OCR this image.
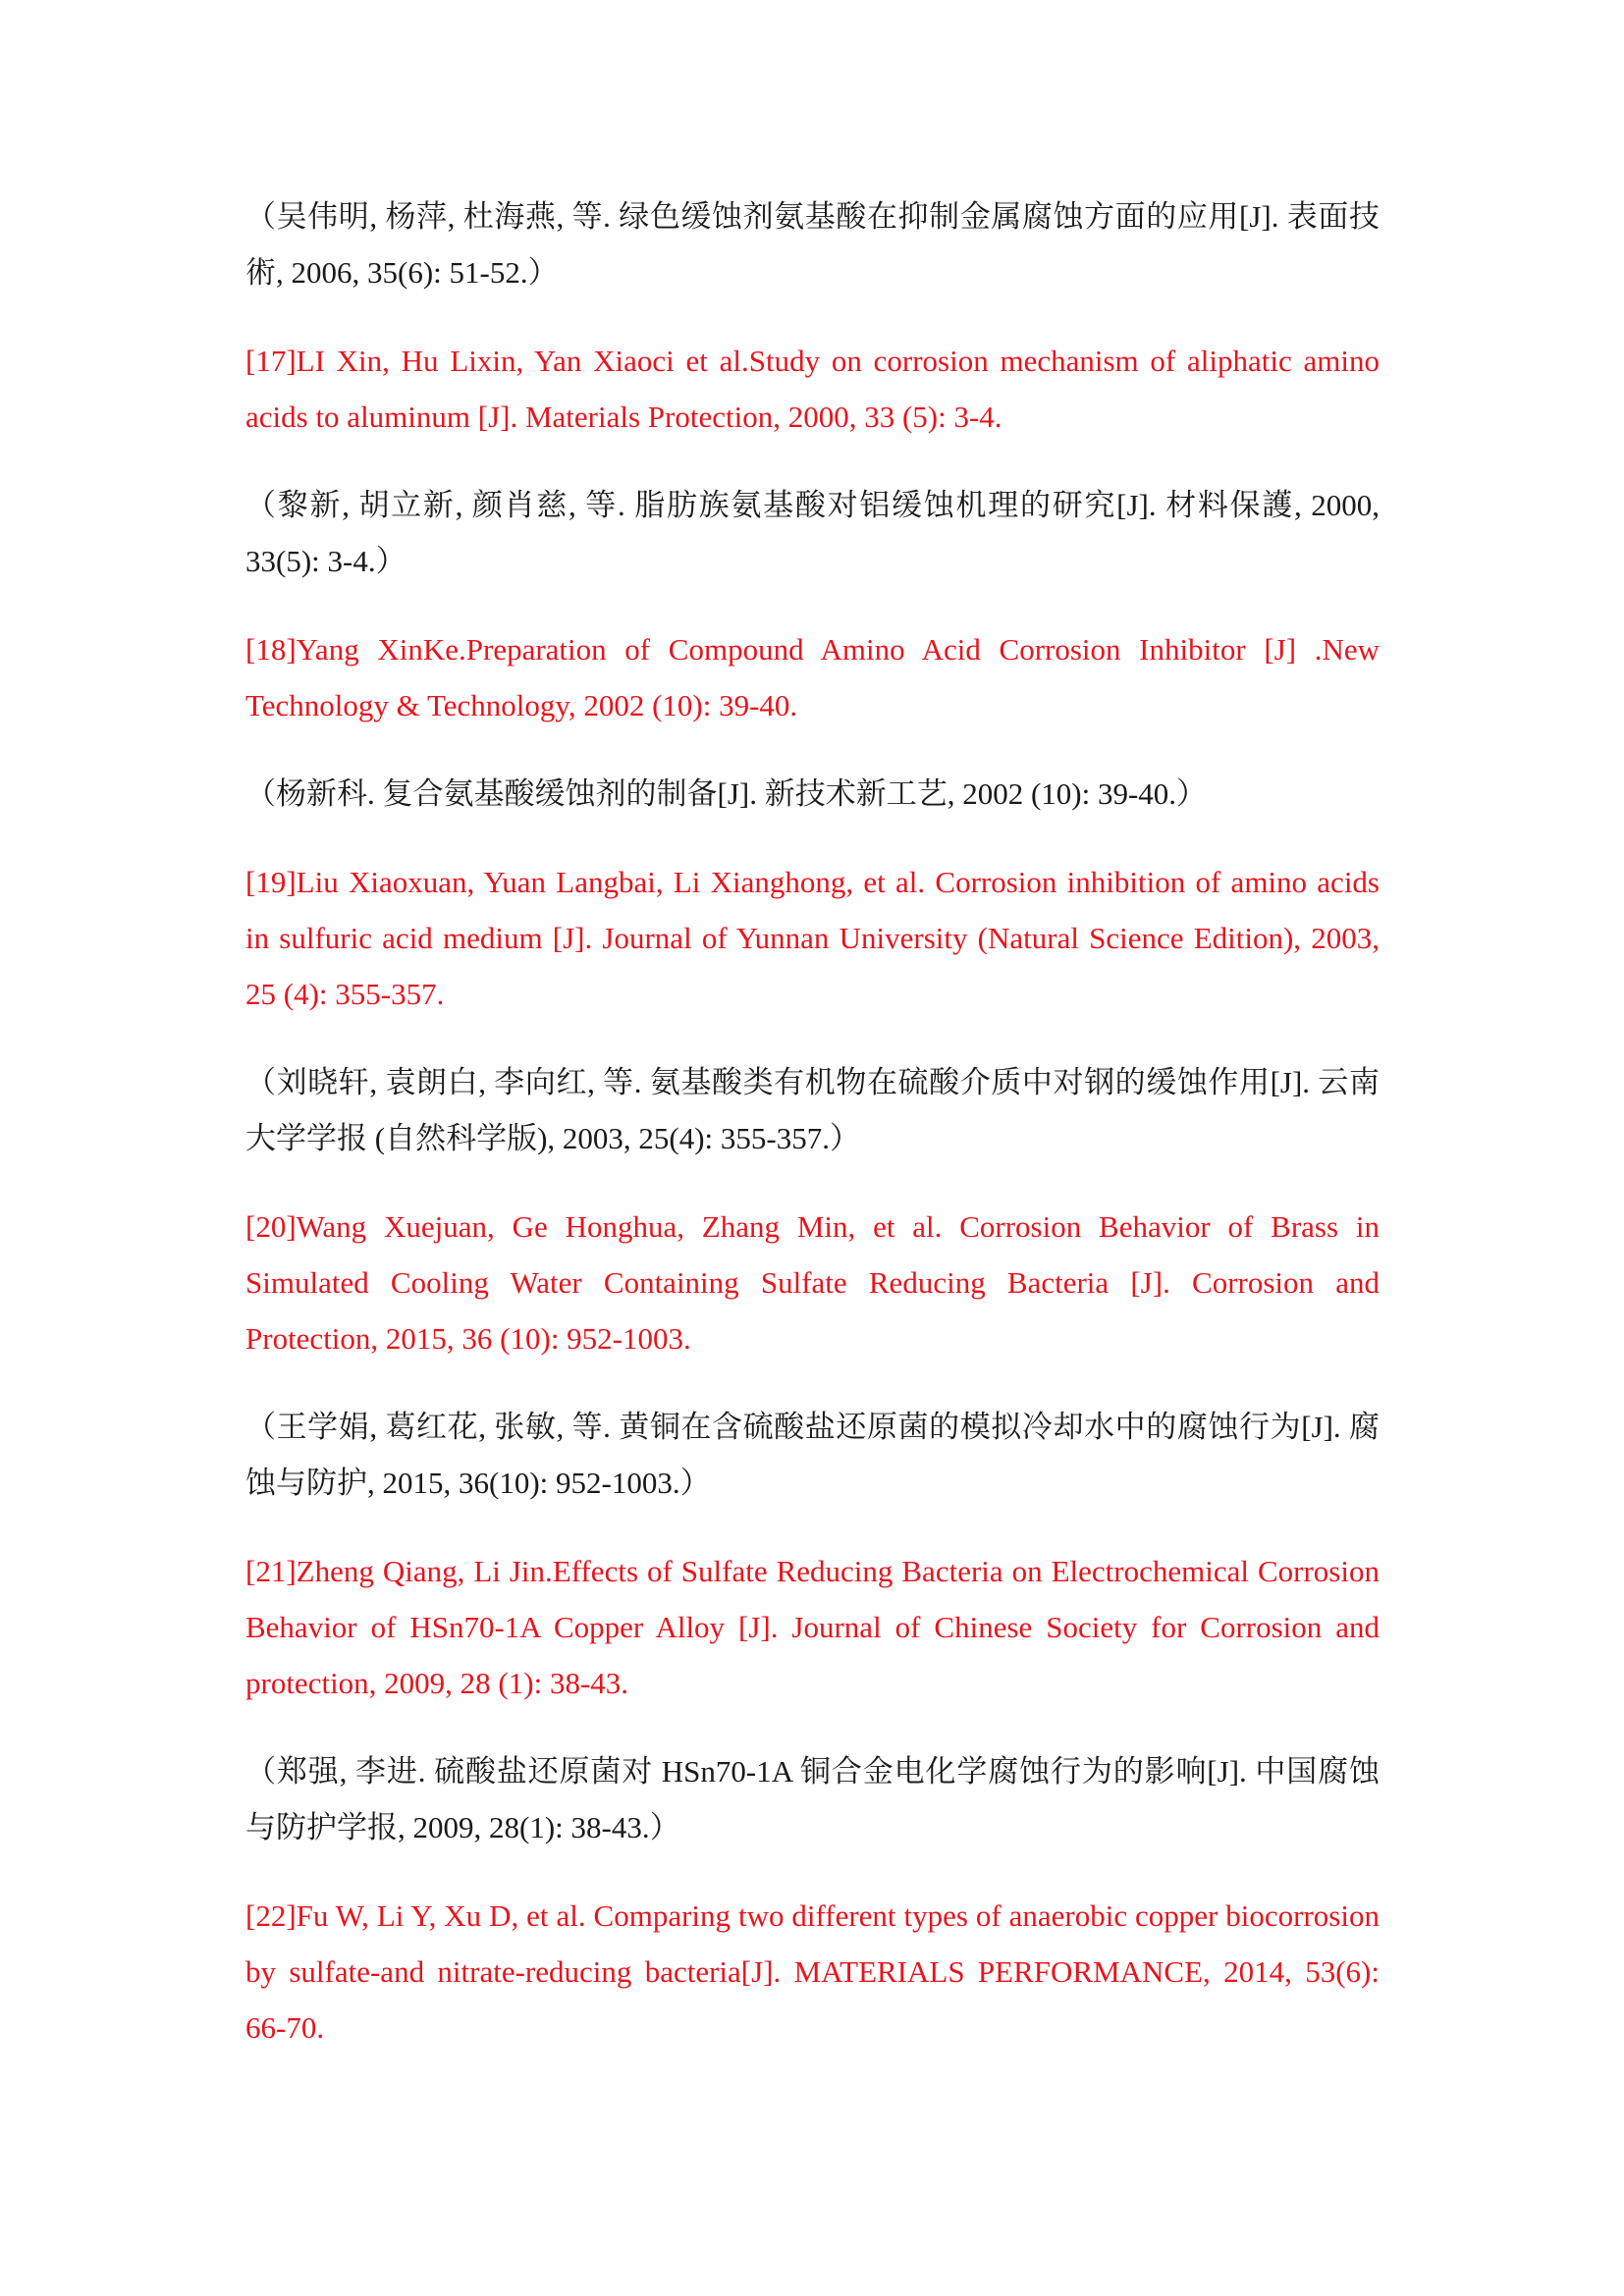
（吴伟明, 杨萍, 杜海燕, 等. 绿色缓蚀剂氨基酸在抑制金属腐蚀方面的应用[J]. 表面技術, 2006, 35(6): 51-52.）

[17]LI Xin, Hu Lixin, Yan Xiaoci et al.Study on corrosion mechanism of aliphatic amino acids to aluminum [J]. Materials Protection, 2000, 33 (5): 3-4.

（黎新, 胡立新, 颜肖慈, 等. 脂肪族氨基酸对铝缓蚀机理的研究[J]. 材料保護, 2000, 33(5): 3-4.）

[18]Yang XinKe.Preparation of Compound Amino Acid Corrosion Inhibitor [J] .New Technology & Technology, 2002 (10): 39-40.

（杨新科. 复合氨基酸缓蚀剂的制备[J]. 新技术新工艺, 2002 (10): 39-40.）

[19]Liu Xiaoxuan, Yuan Langbai, Li Xianghong, et al. Corrosion inhibition of amino acids in sulfuric acid medium [J]. Journal of Yunnan University (Natural Science Edition), 2003, 25 (4): 355-357.

（刘晓轩, 袁朗白, 李向红, 等. 氨基酸类有机物在硫酸介质中对钢的缓蚀作用[J]. 云南大学学报 (自然科学版), 2003, 25(4): 355-357.）

[20]Wang Xuejuan, Ge Honghua, Zhang Min, et al. Corrosion Behavior of Brass in Simulated Cooling Water Containing Sulfate Reducing Bacteria [J]. Corrosion and Protection, 2015, 36 (10): 952-1003.

（王学娟, 葛红花, 张敏, 等. 黄铜在含硫酸盐还原菌的模拟冷却水中的腐蚀行为[J]. 腐蚀与防护, 2015, 36(10): 952-1003.）

[21]Zheng Qiang, Li Jin.Effects of Sulfate Reducing Bacteria on Electrochemical Corrosion Behavior of HSn70-1A Copper Alloy [J]. Journal of Chinese Society for Corrosion and protection, 2009, 28 (1): 38-43.

（郑强, 李进. 硫酸盐还原菌对 HSn70-1A 铜合金电化学腐蚀行为的影响[J]. 中国腐蚀与防护学报, 2009, 28(1): 38-43.）

[22]Fu W, Li Y, Xu D, et al. Comparing two different types of anaerobic copper biocorrosion by sulfate-and nitrate-reducing bacteria[J]. MATERIALS PERFORMANCE, 2014, 53(6): 66-70.
